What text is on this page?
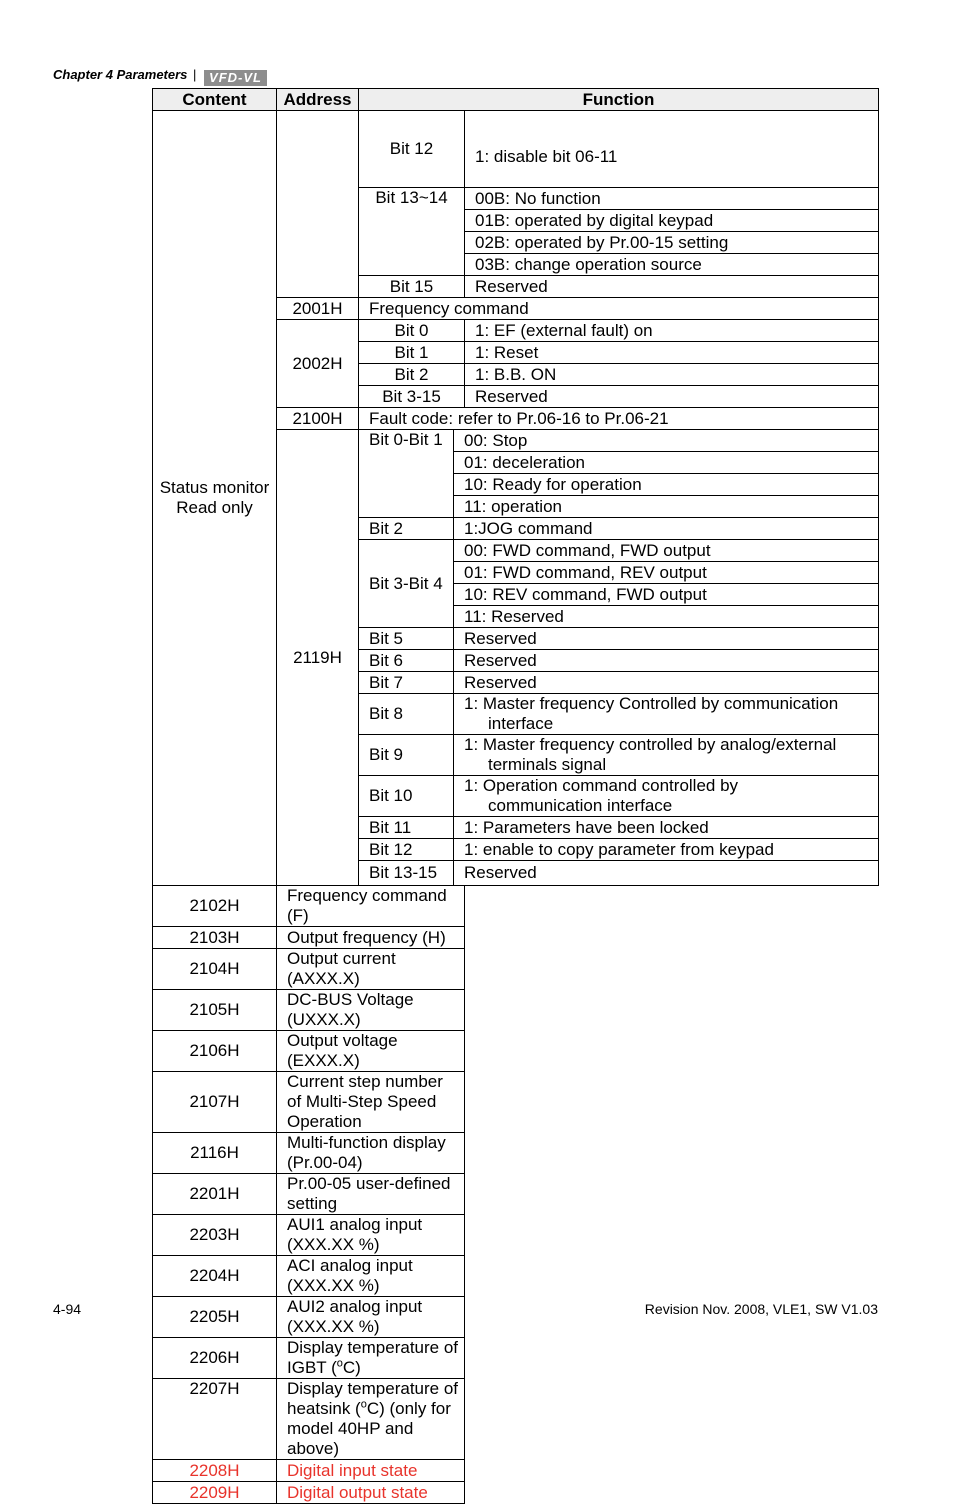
Chapter 4 Parameters | VFD-VL
Content	Address	Function		
Status monitor Read only		Bit 12		1: disable bit 06-11
		Bit 13~14		00B: No function
				01B: operated by digital keypad
				02B: operated by Pr.00-15 setting
				03B: change operation source
		Bit 15		Reserved
	2001H	Frequency command		
	2002H	Bit 0		1: EF (external fault) on
		Bit 1		1: Reset
		Bit 2		1: B.B. ON
		Bit 3-15		Reserved
	2100H	Fault code: refer to Pr.06-16 to Pr.06-21		
	2119H	Bit 0-Bit 1	00: Stop	
			01: deceleration	
			10: Ready for operation	
			11: operation	
		Bit 2	1:JOG command	
		Bit 3-Bit 4	00: FWD command, FWD output	
			01: FWD command, REV output	
			10: REV command, FWD output	
			11: Reserved	
		Bit 5	Reserved	
		Bit 6	Reserved	
		Bit 7	Reserved	
		Bit 8	1: Master frequency Controlled by communication
interface	

		Bit 9	1: Master frequency controlled by analog/external
terminals signal	

		Bit 10	1: Operation command controlled by
communication interface	

		Bit 11	1: Parameters have been locked	
		Bit 12	1: enable to copy parameter from keypad	
		Bit 13-15	Reserved	
2102H	Frequency command (F)			
2103H	Output frequency (H)			
2104H	Output current (AXXX.X)			
2105H	DC-BUS Voltage (UXXX.X)			
2106H	Output voltage (EXXX.X)			
2107H	Current step number of Multi-Step Speed Operation			
2116H	Multi-function display (Pr.00-04)			
2201H	Pr.00-05 user-defined setting			
2203H	AUI1 analog input (XXX.XX %)			
2204H	ACI analog input (XXX.XX %)			
2205H	AUI2 analog input (XXX.XX %)			
2206H	Display temperature of IGBT ($^o$C)			
2207H	Display temperature of heatsink ($^o$C) (only for model 40HP and above)			
2208H	Digital input state			
2209H	Digital output state			
4-94	Revision Nov. 2008, VLE1, SW V1.03
